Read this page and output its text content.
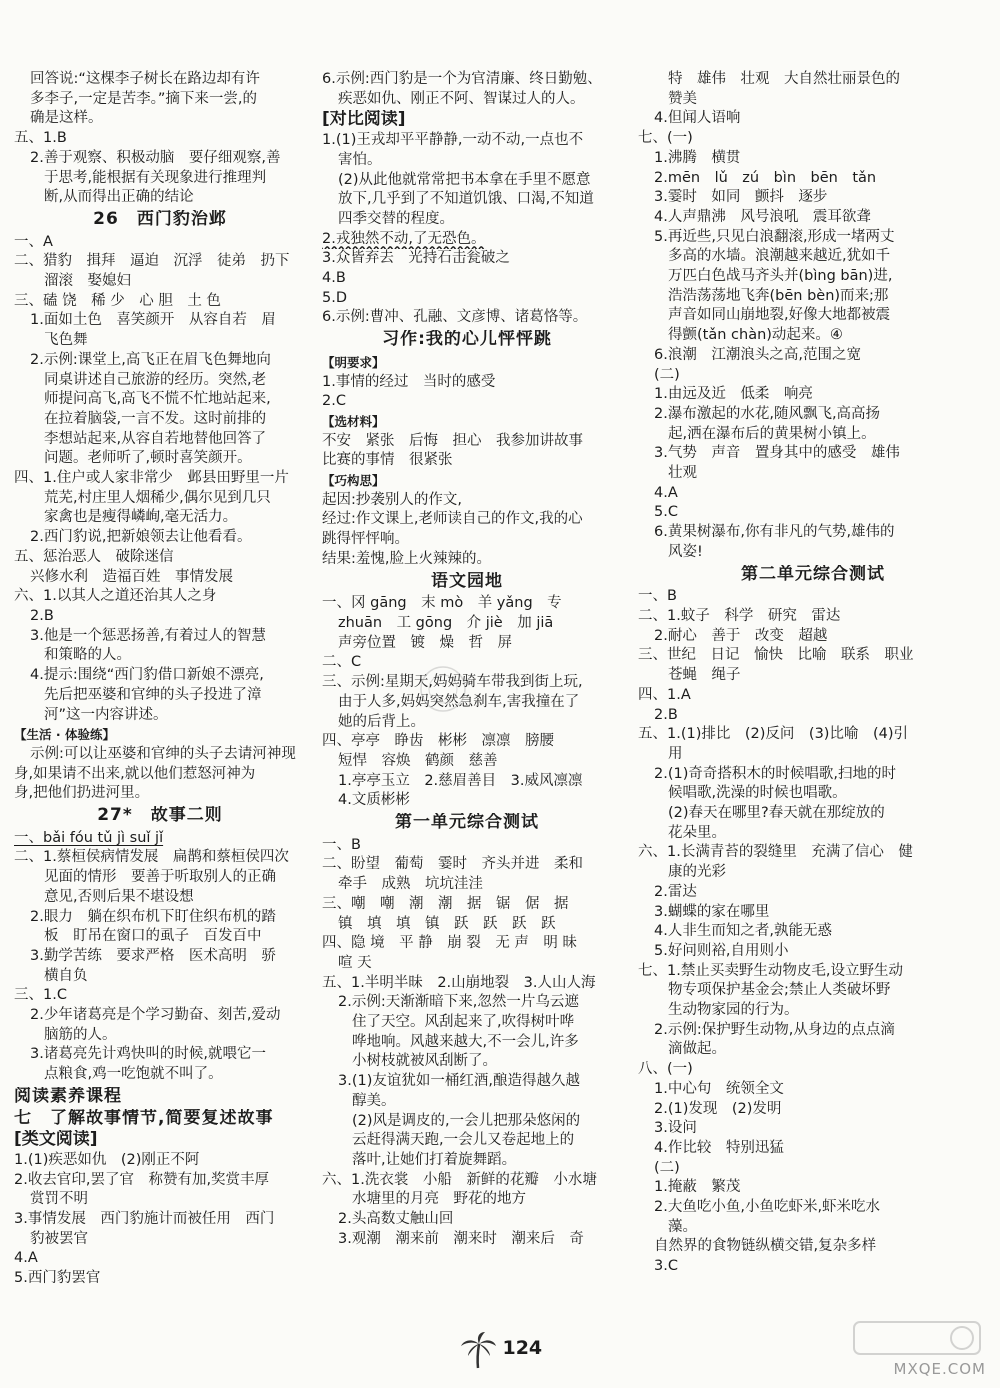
回答说:“这棵李子树长在路边却有许
多李子,一定是苦李。”摘下来一尝,的
确是这样。
五、1.B
2.善于观察、积极动脑　要仔细观察,善
于思考,能根据有关现象进行推理判
断,从而得出正确的结论
26　西门豹治邺
一、A
二、猎豹　揖拜　逼迫　沉浮　徒弟　扔下
溜滚　娶媳妇
三、磕 饶　稀 少　心 胆　土 色
1.面如土色　喜笑颜开　从容自若　眉
飞色舞
2.示例:课堂上,高飞正在眉飞色舞地向
同桌讲述自己旅游的经历。突然,老
师提问高飞,高飞不慌不忙地站起来,
在拉着脑袋,一言不发。这时前排的
李想站起来,从容自若地替他回答了
问题。老师听了,顿时喜笑颜开。
四、1.住户或人家非常少　邺县田野里一片
荒芜,村庄里人烟稀少,偶尔见到几只
家禽也是瘦得嶙峋,毫无活力。
2.西门豹说,把新娘领去让他看看。
五、惩治恶人　破除迷信
兴修水利　造福百姓　事情发展
六、1.以其人之道还治其人之身
2.B
3.他是一个惩恶扬善,有着过人的智慧
和策略的人。
4.提示:围绕“西门豹借口新娘不漂亮,
先后把巫婆和官绅的头子投进了漳
河”这一内容讲述。
【生活 · 体验练】
示例:可以让巫婆和官绅的头子去请河神现
身,如果请不出来,就以他们惹怒河神为
身,把他们扔进河里。
27*　故事二则
一、bǎi fóu tǔ jì suǐ jǐ
二、1.蔡桓侯病情发展　扁鹊和蔡桓侯四次
见面的情形　要善于听取别人的正确
意见,否则后果不堪设想
2.眼力　躺在织布机下盯住织布机的踏
板　盯吊在窗口的虱子　百发百中
3.勤学苦练　要求严格　医术高明　骄
横自负
三、1.C
2.少年诸葛亮是个学习勤奋、刻苦,爱动
脑筋的人。
3.诸葛亮先计鸡快叫的时候,就喂它一
点粮食,鸡一吃饱就不叫了。
阅读素养课程
七　了解故事情节,简要复述故事
[类文阅读]
1.(1)疾恶如仇　(2)刚正不阿
2.收去官印,罢了官　称赞有加,奖赏丰厚
赏罚不明
3.事情发展　西门豹施计而被任用　西门
豹被罢官
4.A
5.西门豹罢官
6.示例:西门豹是一个为官清廉、终日勤勉、
疾恶如仇、刚正不阿、智谋过人的人。
[对比阅读]
1.(1)王戎却平平静静,一动不动,一点也不
害怕。
(2)从此他就常常把书本拿在手里不愿意
放下,几乎到了不知道饥饿、口渴,不知道
四季交替的程度。
2.戎独然不动,了无恐色。
3.众皆弃去　光持石击瓮破之
4.B
5.D
6.示例:曹冲、孔融、文彦博、诸葛恪等。
习作:我的心儿怦怦跳
【明要求】
1.事情的经过　当时的感受
2.C
【选材料】
不安　紧张　后悔　担心　我参加讲故事
比赛的事情　很紧张
【巧构思】
起因:抄袭别人的作文,
经过:作文课上,老师读自己的作文,我的心
跳得怦怦响。
结果:羞愧,脸上火辣辣的。
语文园地
一、冈 gāng　末 mò　羊 yǎng　专
zhuān　工 gōng　介 jiè　加 jiā
声旁位置　镀　燥　哲　屏
二、C
三、示例:星期天,妈妈骑车带我到街上玩,
由于人多,妈妈突然急刹车,害我撞在了
她的后背上。
四、亭亭　睁齿　彬彬　凛凛　膀腰
短悍　容焕　鹤颜　慈善
1.亭亭玉立　2.慈眉善目　3.威风凛凛
4.文质彬彬
第一单元综合测试
一、B
二、盼望　葡萄　霎时　齐头并进　柔和
牵手　成熟　坑坑洼洼
三、嘲　嘲　潮　潮　据　锯　倨　据
镇　填　填　镇　跃　跃　跃　跃
四、隐 境　平 静　崩 裂　无 声　明 昧
喧 天
五、1.半明半昧　2.山崩地裂　3.人山人海
2.示例:天渐渐暗下来,忽然一片乌云遮
住了天空。风刮起来了,吹得树叶哗
哗地响。风越来越大,不一会儿,许多
小树枝就被风刮断了。
3.(1)友谊犹如一桶红酒,酿造得越久越
醇美。
(2)风是调皮的,一会儿把那朵悠闲的
云赶得满天跑,一会儿又卷起地上的
落叶,让她们打着旋舞蹈。
六、1.洗衣裳　小船　新鲜的花瓣　小水塘
水塘里的月亮　野花的地方
2.头高数丈触山回
3.观潮　潮来前　潮来时　潮来后　奇
特　雄伟　壮观　大自然壮丽景色的
赞美
4.但闻人语响
七、(一)
1.沸腾　横贯
2.mēn　lǔ　zú　bìn　bēn　tǎn
3.霎时　如同　颤抖　逐步
4.人声鼎沸　风号浪吼　震耳欲聋
5.再近些,只见白浪翻滚,形成一堵两丈
多高的水墙。浪潮越来越近,犹如千
万匹白色战马齐头并(bìng bān)进,
浩浩荡荡地飞奔(bēn bèn)而来;那
声音如同山崩地裂,好像大地都被震
得颤(tǎn chàn)动起来。④
6.浪潮　江潮浪头之高,范围之宽
(二)
1.由远及近　低柔　响亮
2.瀑布激起的水花,随风飘飞,高高扬
起,洒在瀑布后的黄果树小镇上。
3.气势　声音　置身其中的感受　雄伟
壮观
4.A
5.C
6.黄果树瀑布,你有非凡的气势,雄伟的
风姿!
第二单元综合测试
一、B
二、1.蚊子　科学　研究　雷达
2.耐心　善于　改变　超越
三、世纪　日记　愉快　比喻　联系　职业
苍蝇　绳子
四、1.A
2.B
五、1.(1)排比　(2)反问　(3)比喻　(4)引
用
2.(1)奇奇搭积木的时候唱歌,扫地的时
候唱歌,洗澡的时候也唱歌。
(2)春天在哪里?春天就在那绽放的
花朵里。
六、1.长满青苔的裂缝里　充满了信心　健
康的光彩
2.雷达
3.蝴蝶的家在哪里
4.人非生而知之者,孰能无惑
5.好问则裕,自用则小
七、1.禁止买卖野生动物皮毛,设立野生动
物专项保护基金会;禁止人类破坏野
生动物家园的行为。
2.示例:保护野生动物,从身边的点点滴
滴做起。
八、(一)
1.中心句　统领全文
2.(1)发现　(2)发明
3.设问
4.作比较　特别迅猛
(二)
1.掩蔽　繁茂
2.大鱼吃小鱼,小鱼吃虾米,虾米吃水
藻。
自然界的食物链纵横交错,复杂多样
3.C
124
MXQE.COM
